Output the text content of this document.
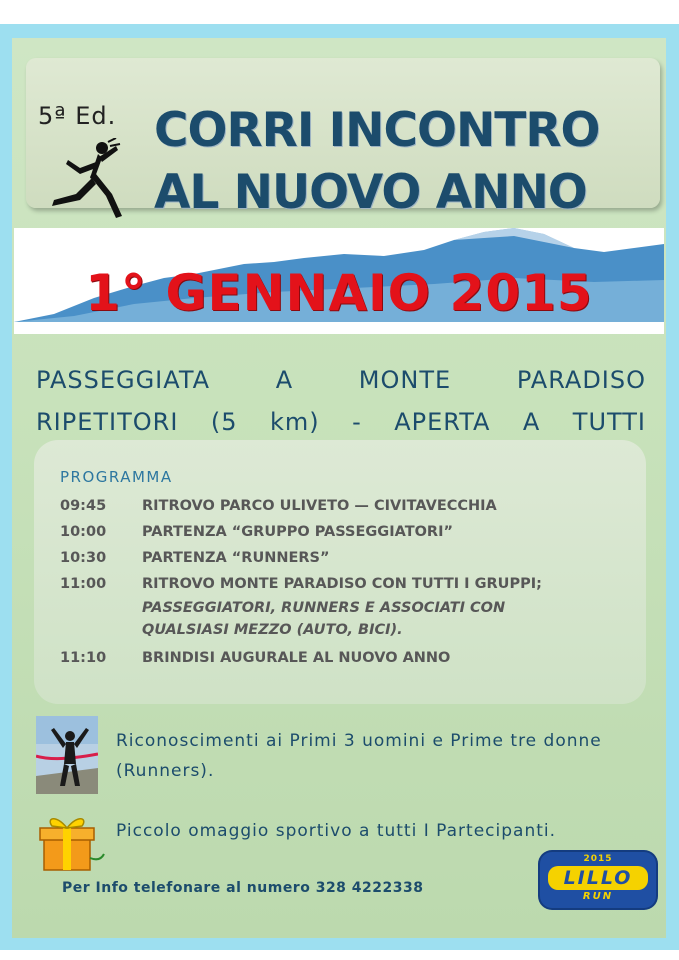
5ª Ed. CORRI INCONTRO
AL NUOVO ANNO
1° GENNAIO 2015
PASSEGGIATA A MONTE PARADISO
RIPETITORI (5 km) - APERTA A TUTTI
PROGRAMMA
09:45	RITROVO PARCO ULIVETO — CIVITAVECCHIA
10:00	PARTENZA “GRUPPO PASSEGGIATORI”
10:30	PARTENZA “RUNNERS”
11:00	RITROVO MONTE PARADISO CON TUTTI I GRUPPI;
PASSEGGIATORI, RUNNERS E ASSOCIATI CON
QUALSIASI MEZZO (AUTO, BICI).
11:10	BRINDISI AUGURALE AL NUOVO ANNO
Riconoscimenti ai Primi 3 uomini e Prime tre donne (Runners).
Piccolo omaggio sportivo a tutti I Partecipanti.
Per Info telefonare al numero 328 4222338
2015
LILLO
RUN
